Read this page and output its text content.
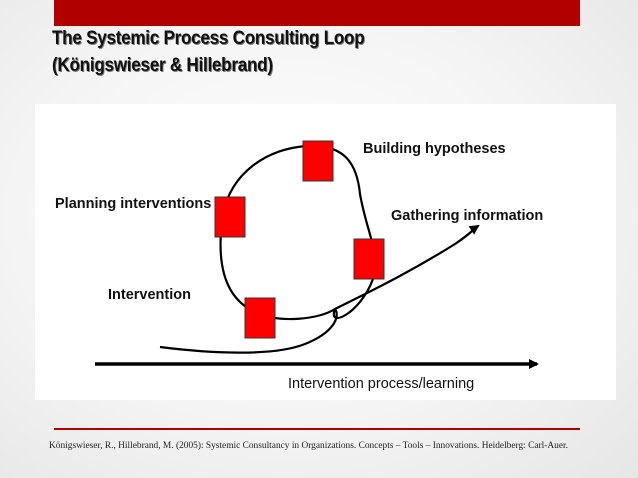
The Systemic Process Consulting Loop
(Königswieser & Hillebrand)
Building hypotheses
Gathering information
Planning interventions
Intervention
Intervention process/learning
Königswieser, R., Hillebrand, M. (2005): Systemic Consultancy in Organizations. Concepts – Tools – Innovations. Heidelberg: Carl-Auer.
